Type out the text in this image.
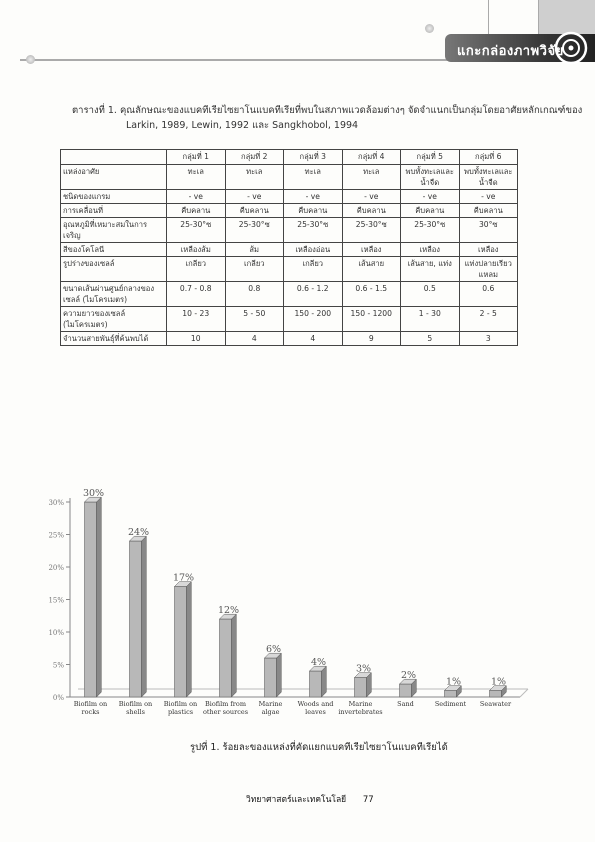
แกะกล่องภาพวิจัย
ตารางที่ 1. คุณลักษณะของแบคทีเรียไซยาโนแบคทีเรียที่พบในสภาพแวดล้อมต่างๆ จัดจำแนกเป็นกลุ่มโดยอาศัยหลักเกณฑ์ของ
Larkin, 1989, Lewin, 1992 และ Sangkhobol, 1994
	กลุ่มที่ 1	กลุ่มที่ 2	กลุ่มที่ 3	กลุ่มที่ 4	กลุ่มที่ 5	กลุ่มที่ 6
แหล่งอาศัย	ทะเล	ทะเล	ทะเล	ทะเล	พบทั้งทะเลและน้ำจืด	พบทั้งทะเลและน้ำจืด
ชนิดของแกรม	- ve	- ve	- ve	- ve	- ve	- ve
การเคลื่อนที่	คืบคลาน	คืบคลาน	คืบคลาน	คืบคลาน	คืบคลาน	คืบคลาน
อุณหภูมิที่เหมาะสมในการเจริญ	25-30°ซ	25-30°ซ	25-30°ซ	25-30°ซ	25-30°ซ	30°ซ
สีของโคโลนี	เหลืองส้ม	ส้ม	เหลืองอ่อน	เหลือง	เหลือง	เหลือง
รูปร่างของเซลล์	เกลียว	เกลียว	เกลียว	เส้นสาย	เส้นสาย, แท่ง	แท่งปลายเรียวแหลม
ขนาดเส้นผ่านศูนย์กลางของเซลล์ (ไมโครเมตร)	0.7 - 0.8	0.8	0.6 - 1.2	0.6 - 1.5	0.5	0.6
ความยาวของเซลล์ (ไมโครเมตร)	10 - 23	5 - 50	150 - 200	150 - 1200	1 - 30	2 - 5
จำนวนสายพันธุ์ที่ค้นพบได้	10	4	4	9	5	3
0%
5%
10%
15%
20%
25%
30%
30%
Biofilm on rocks
24%
Biofilm on shells
17%
Biofilm on plastics
12%
Biofilm from other sources
6%
Marine algae
4%
Woods and leaves
3%
Marine invertebrates
2%
Sand
1%
Sediment
1%
Seawater
รูปที่ 1. ร้อยละของแหล่งที่คัดแยกแบคทีเรียไซยาโนแบคทีเรียได้
วิทยาศาสตร์และเทคโนโลยี 77
